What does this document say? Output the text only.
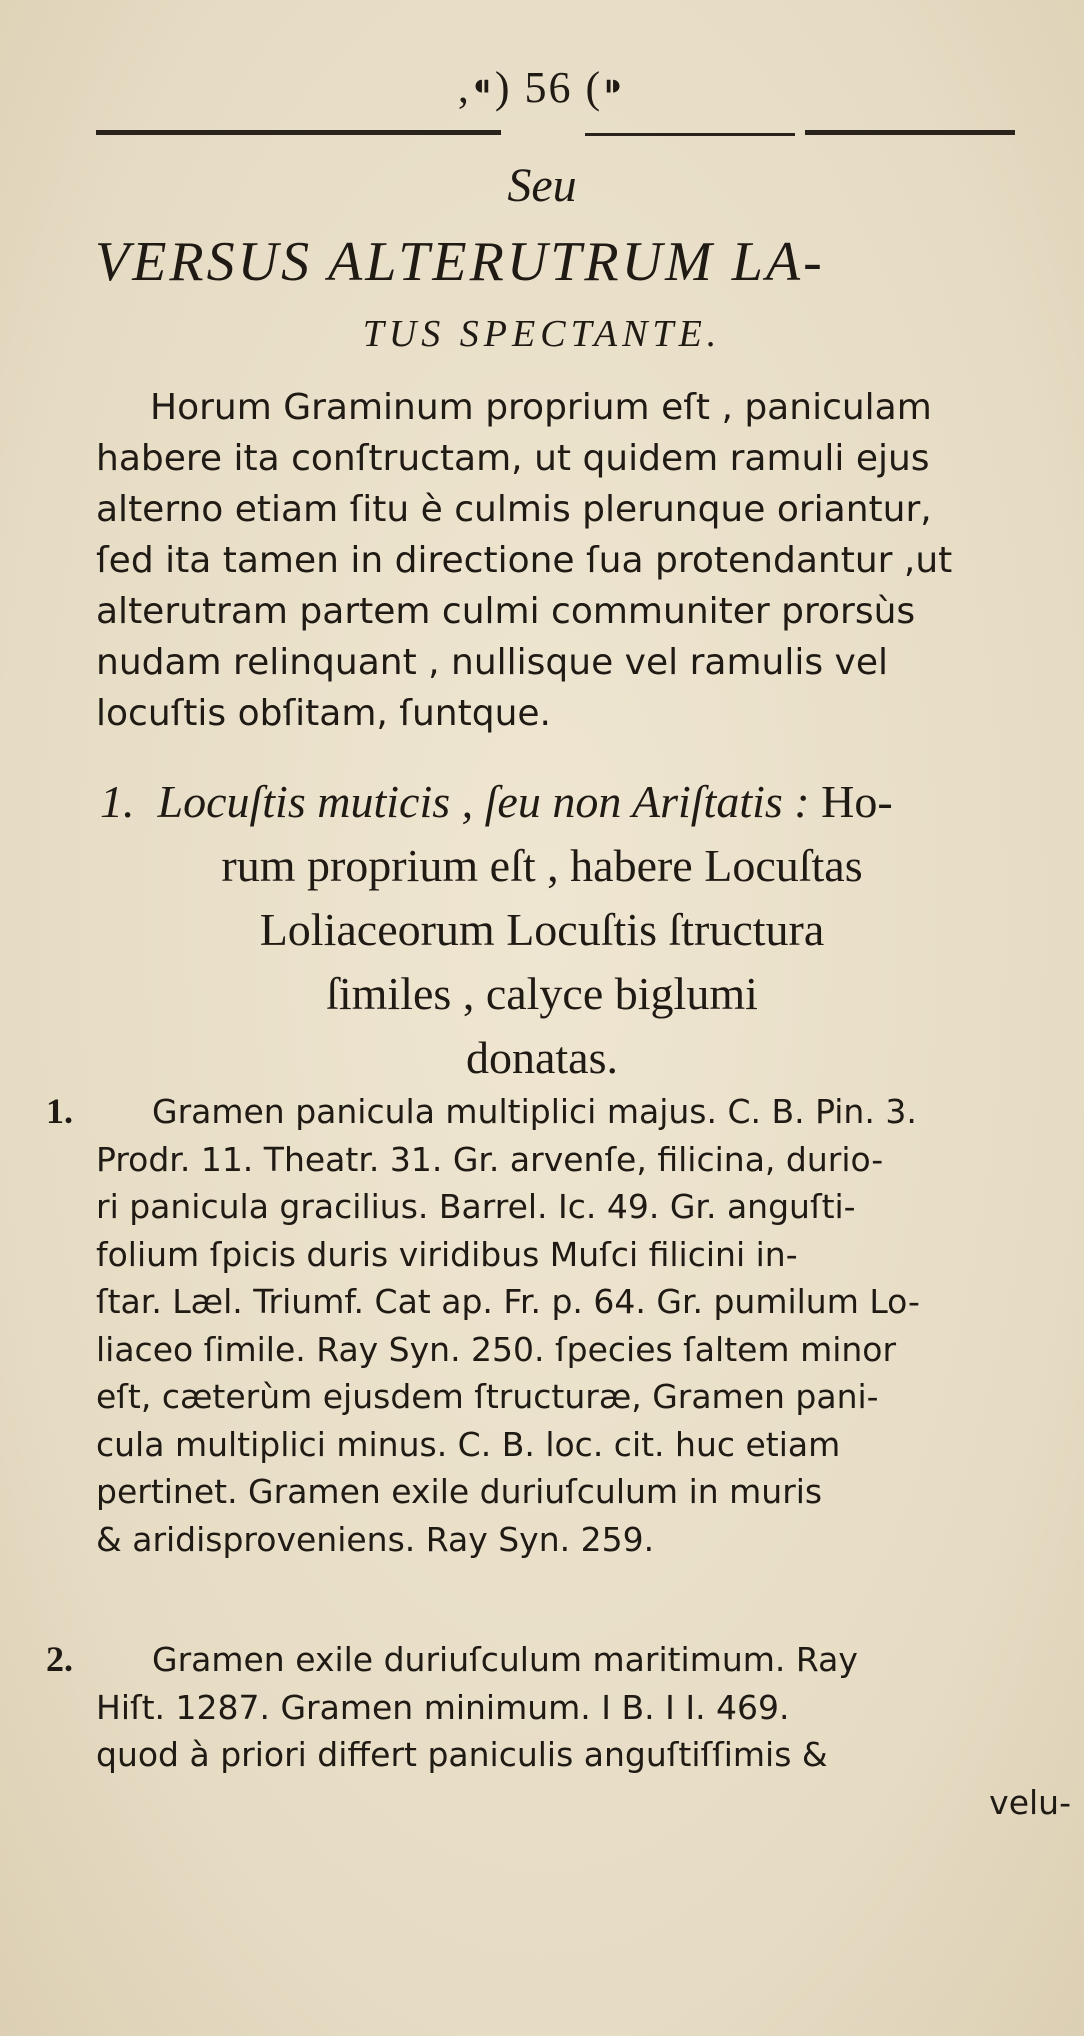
,⁌) 56 (⁍
Seu
VERSUS ALTERUTRUM LA-
TUS SPECTANTE.
Horum Graminum proprium eſt , paniculam
habere ita conſtructam, ut quidem ramuli ejus
alterno etiam ſitu è culmis plerunque oriantur,
ſed ita tamen in directione ſua protendantur ,ut
alterutram partem culmi communiter prorsùs
nudam relinquant , nullisque vel ramulis vel
locuſtis obſitam, ſuntque.
1. Locuſtis muticis , ſeu non Ariſtatis : Ho-
rum proprium eſt , habere Locuſtas
Loliaceorum Locuſtis ſtructura
ſimiles , calyce biglumi
donatas.
1.	Gramen panicula multiplici majus. C. B. Pin. 3.
Prodr. 11. Theatr. 31. Gr. arvenſe, filicina, durio-
ri panicula gracilius. Barrel. Ic. 49. Gr. anguſti-
folium ſpicis duris viridibus Muſci filicini in-
ſtar. Lӕl. Triumf. Cat ap. Fr. p. 64. Gr. pumilum Lo-
liaceo ſimile. Ray Syn. 250. ſpecies ſaltem minor
eſt, cæterùm ejusdem ſtructuræ, Gramen pani-
cula multiplici minus. C. B. loc. cit. huc etiam
pertinet. Gramen exile duriuſculum in muris
& aridisproveniens. Ray Syn. 259.
2.	Gramen exile duriuſculum maritimum. Ray
Hiſt. 1287. Gramen minimum. I B. I I. 469.
quod à priori differt paniculis anguſtiſſimis &
velu-
